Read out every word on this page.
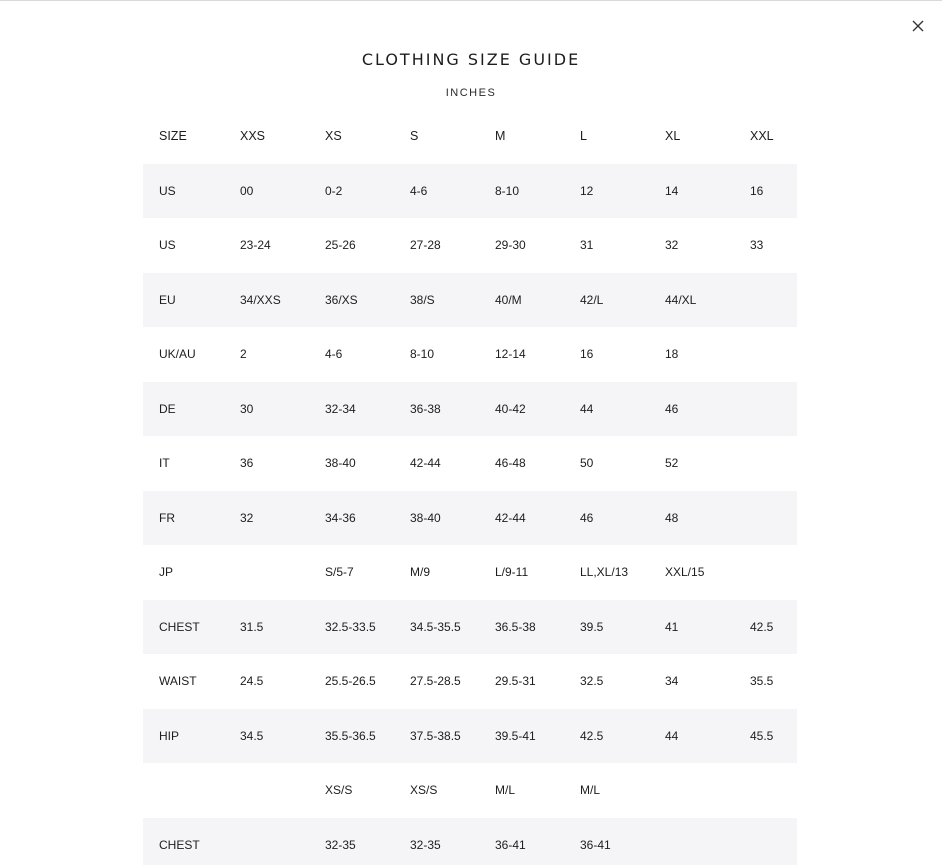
CLOTHING SIZE GUIDE
INCHES
SIZE	XXS	XS	S	M	L	XL	XXL
US	00	0-2	4-6	8-10	12	14	16
US	23-24	25-26	27-28	29-30	31	32	33
EU	34/XXS	36/XS	38/S	40/M	42/L	44/XL	
UK/AU	2	4-6	8-10	12-14	16	18	
DE	30	32-34	36-38	40-42	44	46	
IT	36	38-40	42-44	46-48	50	52	
FR	32	34-36	38-40	42-44	46	48	
JP		S/5-7	M/9	L/9-11	LL,XL/13	XXL/15	
CHEST	31.5	32.5-33.5	34.5-35.5	36.5-38	39.5	41	42.5
WAIST	24.5	25.5-26.5	27.5-28.5	29.5-31	32.5	34	35.5
HIP	34.5	35.5-36.5	37.5-38.5	39.5-41	42.5	44	45.5
		XS/S	XS/S	M/L	M/L		
CHEST		32-35	32-35	36-41	36-41		
